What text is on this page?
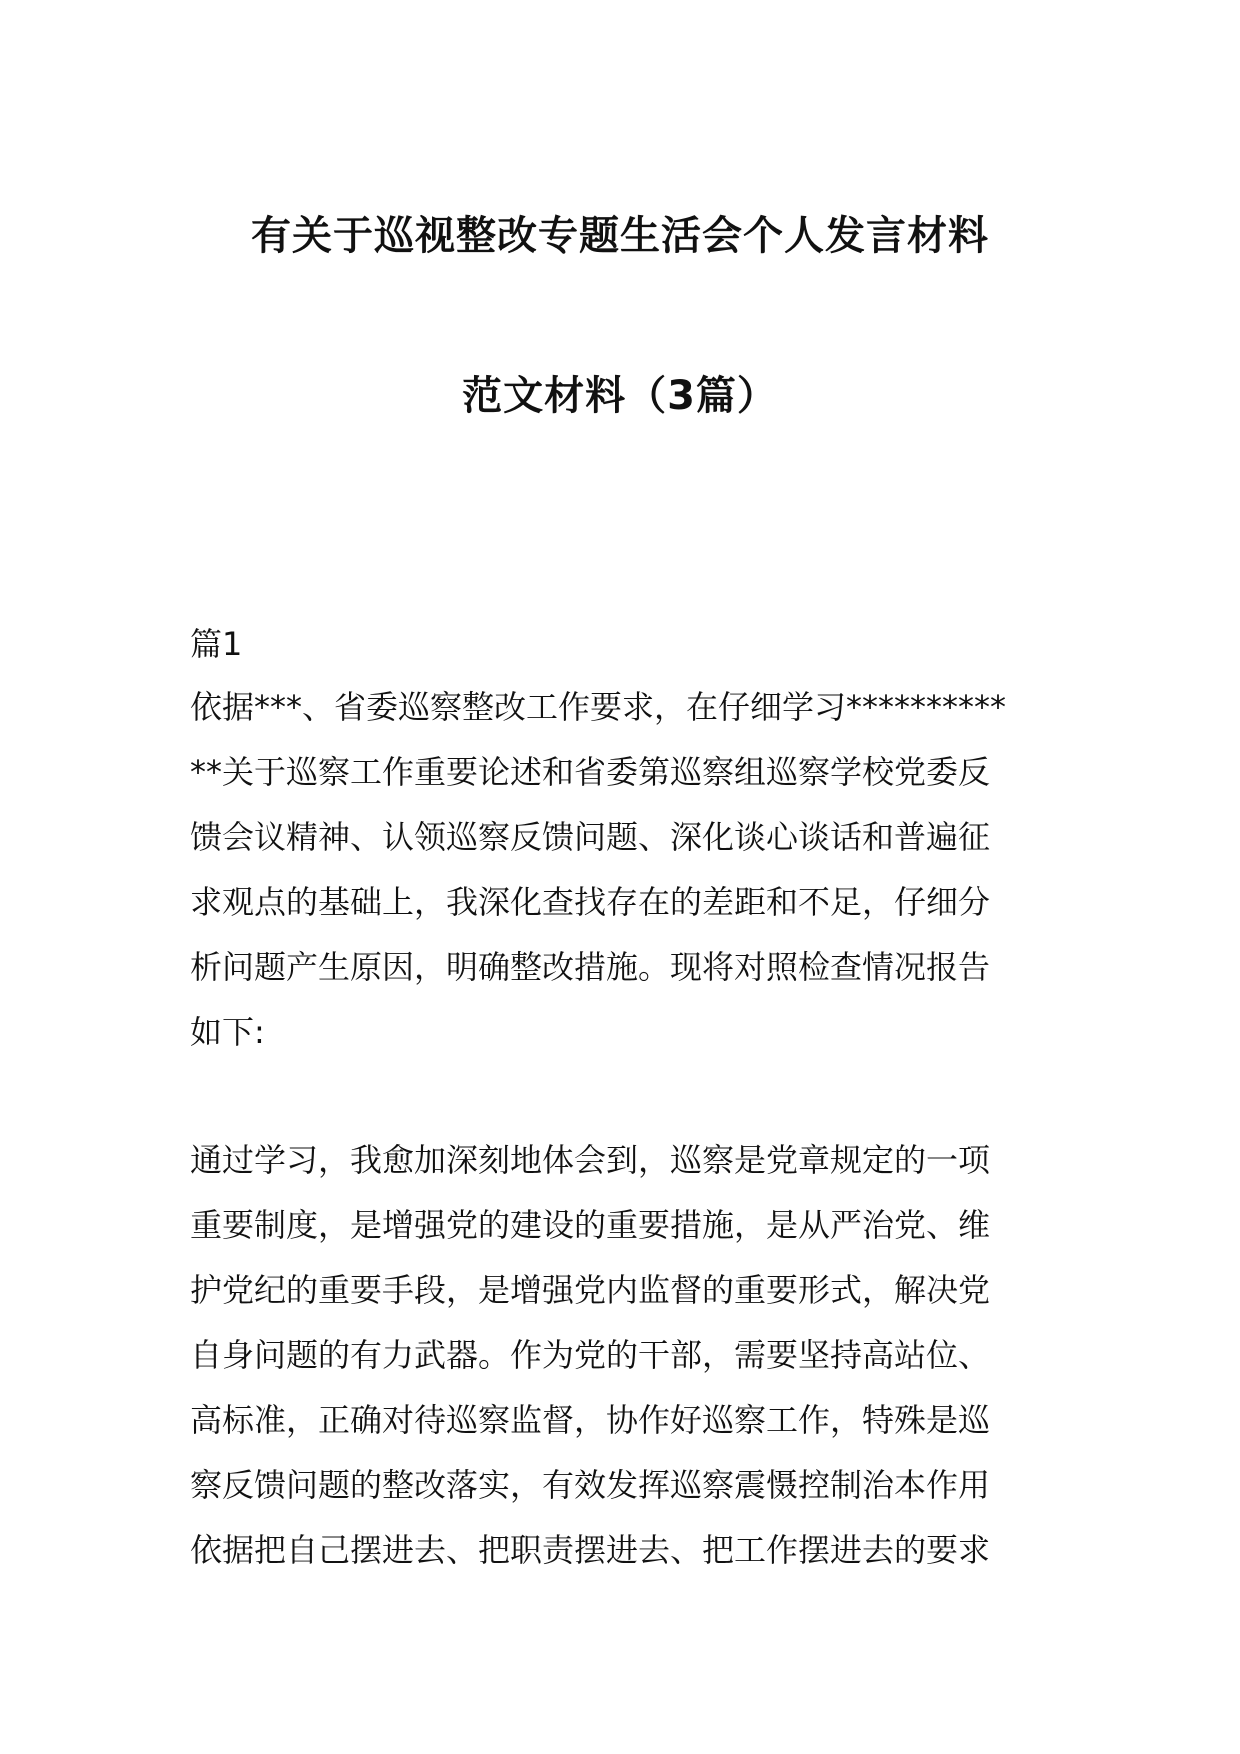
有关于巡视整改专题生活会个人发言材料
范文材料（3篇）

篇1

依据***、省委巡察整改工作要求，在仔细学习**********
**关于巡察工作重要论述和省委第巡察组巡察学校党委反
馈会议精神、认领巡察反馈问题、深化谈心谈话和普遍征
求观点的基础上，我深化查找存在的差距和不足，仔细分
析问题产生原因，明确整改措施。现将对照检查情况报告
如下:

通过学习，我愈加深刻地体会到，巡察是党章规定的一项
重要制度，是增强党的建设的重要措施，是从严治党、维
护党纪的重要手段，是增强党内监督的重要形式，解决党
自身问题的有力武器。作为党的干部，需要坚持高站位、
高标准，正确对待巡察监督，协作好巡察工作，特殊是巡
察反馈问题的整改落实，有效发挥巡察震慑控制治本作用
依据把自己摆进去、把职责摆进去、把工作摆进去的要求
